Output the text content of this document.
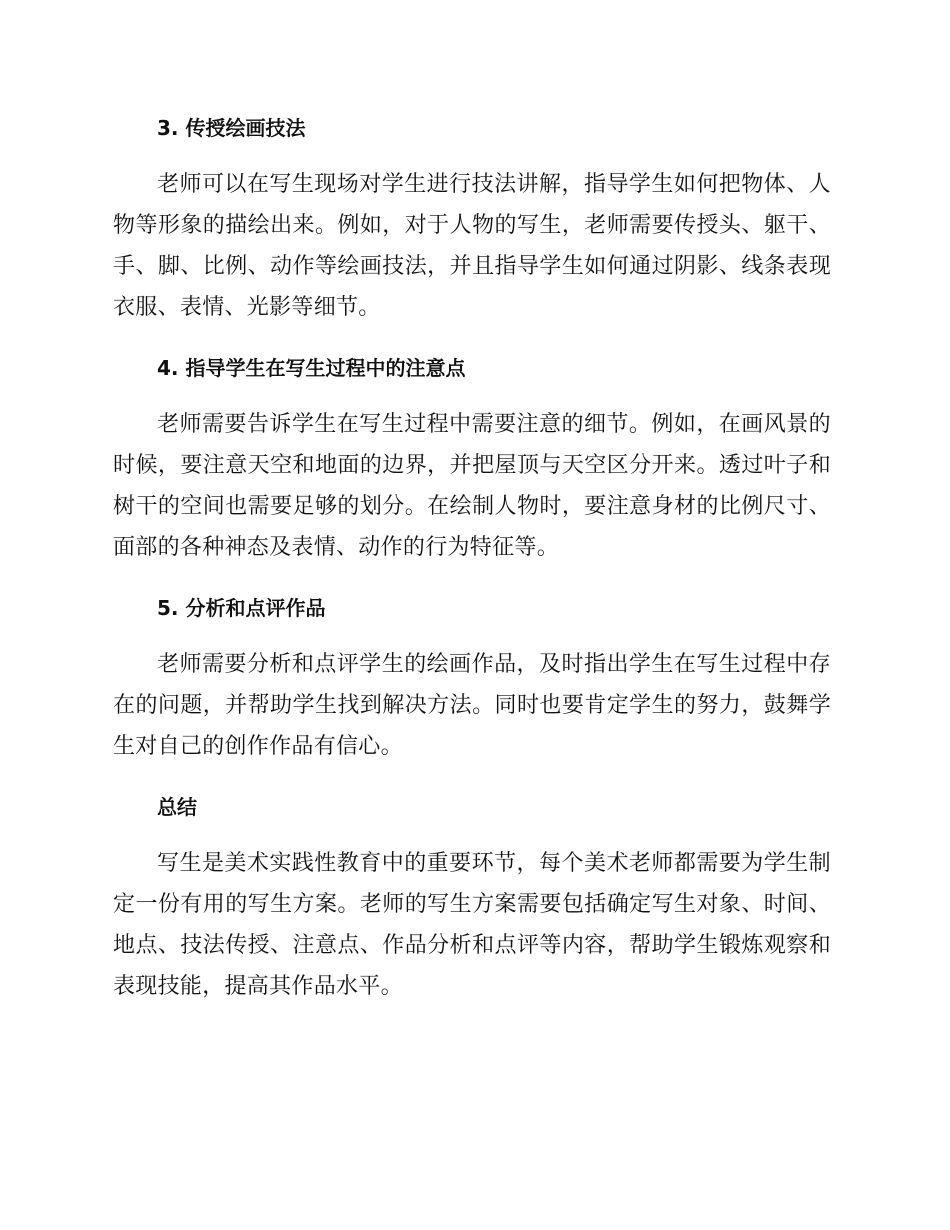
3. 传授绘画技法

老师可以在写生现场对学生进行技法讲解，指导学生如何把物体、人物等形象的描绘出来。例如，对于人物的写生，老师需要传授头、躯干、手、脚、比例、动作等绘画技法，并且指导学生如何通过阴影、线条表现衣服、表情、光影等细节。

4. 指导学生在写生过程中的注意点

老师需要告诉学生在写生过程中需要注意的细节。例如，在画风景的时候，要注意天空和地面的边界，并把屋顶与天空区分开来。透过叶子和树干的空间也需要足够的划分。在绘制人物时，要注意身材的比例尺寸、面部的各种神态及表情、动作的行为特征等。

5. 分析和点评作品

老师需要分析和点评学生的绘画作品，及时指出学生在写生过程中存在的问题，并帮助学生找到解决方法。同时也要肯定学生的努力，鼓舞学生对自己的创作作品有信心。

总结

写生是美术实践性教育中的重要环节，每个美术老师都需要为学生制定一份有用的写生方案。老师的写生方案需要包括确定写生对象、时间、地点、技法传授、注意点、作品分析和点评等内容，帮助学生锻炼观察和表现技能，提高其作品水平。
